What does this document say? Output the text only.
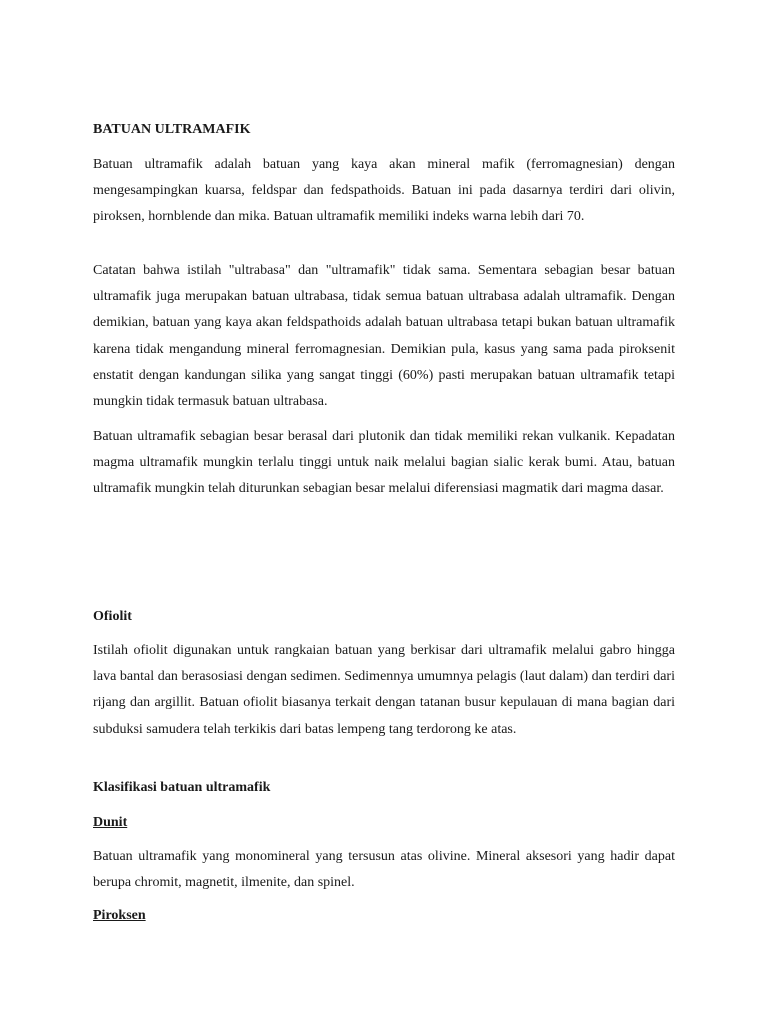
BATUAN ULTRAMAFIK

Batuan ultramafik adalah batuan yang kaya akan mineral mafik (ferromagnesian) dengan mengesampingkan kuarsa, feldspar dan fedspathoids. Batuan ini pada dasarnya terdiri dari olivin, piroksen, hornblende dan mika. Batuan ultramafik memiliki indeks warna lebih dari 70.

Catatan bahwa istilah "ultrabasa" dan "ultramafik" tidak sama. Sementara sebagian besar batuan ultramafik juga merupakan batuan ultrabasa, tidak semua batuan ultrabasa adalah ultramafik. Dengan demikian, batuan yang kaya akan feldspathoids adalah batuan ultrabasa tetapi bukan batuan ultramafik karena tidak mengandung mineral ferromagnesian. Demikian pula, kasus yang sama pada piroksenit enstatit dengan kandungan silika yang sangat tinggi (60%) pasti merupakan batuan ultramafik tetapi mungkin tidak termasuk batuan ultrabasa.

Batuan ultramafik sebagian besar berasal dari plutonik dan tidak memiliki rekan vulkanik. Kepadatan magma ultramafik mungkin terlalu tinggi untuk naik melalui bagian sialic kerak bumi. Atau, batuan ultramafik mungkin telah diturunkan sebagian besar melalui diferensiasi magmatik dari magma dasar.

Ofiolit

Istilah ofiolit digunakan untuk rangkaian batuan yang berkisar dari ultramafik melalui gabro hingga lava bantal dan berasosiasi dengan sedimen. Sedimennya umumnya pelagis (laut dalam) dan terdiri dari rijang dan argillit. Batuan ofiolit biasanya terkait dengan tatanan busur kepulauan di mana bagian dari subduksi samudera telah terkikis dari batas lempeng tang terdorong ke atas.

Klasifikasi batuan ultramafik
Dunit

Batuan ultramafik yang monomineral yang tersusun atas olivine. Mineral aksesori yang hadir dapat berupa chromit, magnetit, ilmenite, dan spinel.

Piroksen
